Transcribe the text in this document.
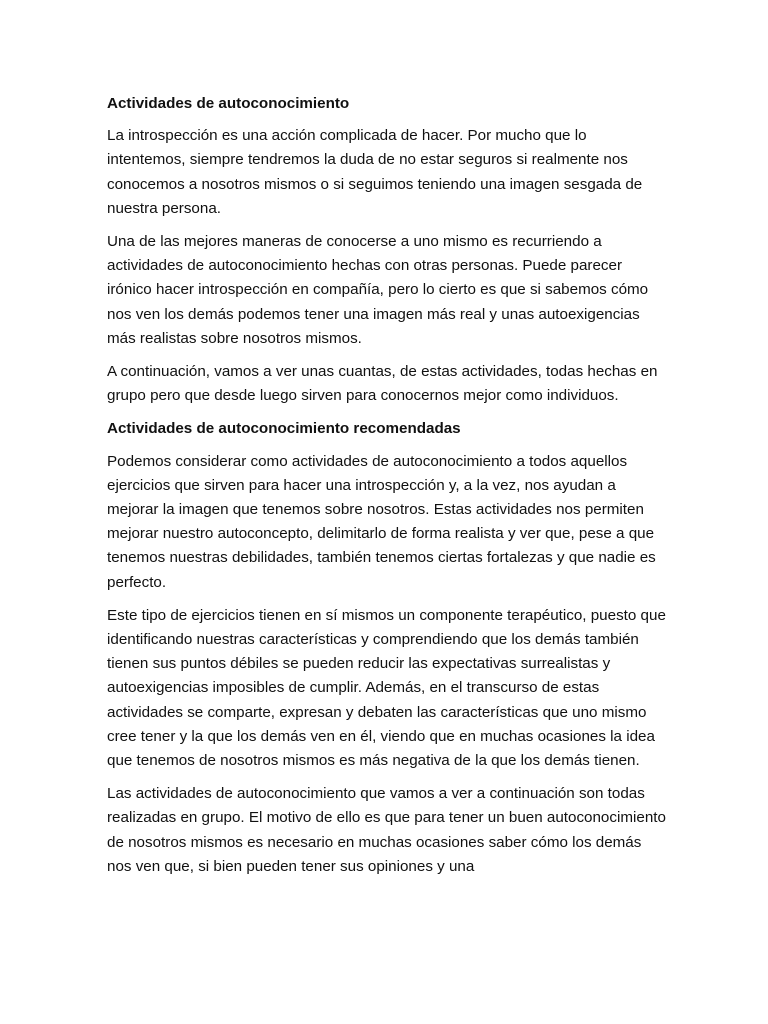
Actividades de autoconocimiento

La introspección es una acción complicada de hacer. Por mucho que lo intentemos, siempre tendremos la duda de no estar seguros si realmente nos conocemos a nosotros mismos o si seguimos teniendo una imagen sesgada de nuestra persona.

Una de las mejores maneras de conocerse a uno mismo es recurriendo a actividades de autoconocimiento hechas con otras personas. Puede parecer irónico hacer introspección en compañía, pero lo cierto es que si sabemos cómo nos ven los demás podemos tener una imagen más real y unas autoexigencias más realistas sobre nosotros mismos.

A continuación, vamos a ver unas cuantas, de estas actividades, todas hechas en grupo pero que desde luego sirven para conocernos mejor como individuos.

Actividades de autoconocimiento recomendadas

Podemos considerar como actividades de autoconocimiento a todos aquellos ejercicios que sirven para hacer una introspección y, a la vez, nos ayudan a mejorar la imagen que tenemos sobre nosotros. Estas actividades nos permiten mejorar nuestro autoconcepto, delimitarlo de forma realista y ver que, pese a que tenemos nuestras debilidades, también tenemos ciertas fortalezas y que nadie es perfecto.

Este tipo de ejercicios tienen en sí mismos un componente terapéutico, puesto que identificando nuestras características y comprendiendo que los demás también tienen sus puntos débiles se pueden reducir las expectativas surrealistas y autoexigencias imposibles de cumplir. Además, en el transcurso de estas actividades se comparte, expresan y debaten las características que uno mismo cree tener y la que los demás ven en él, viendo que en muchas ocasiones la idea que tenemos de nosotros mismos es más negativa de la que los demás tienen.

Las actividades de autoconocimiento que vamos a ver a continuación son todas realizadas en grupo. El motivo de ello es que para tener un buen autoconocimiento de nosotros mismos es necesario en muchas ocasiones saber cómo los demás nos ven que, si bien pueden tener sus opiniones y una
